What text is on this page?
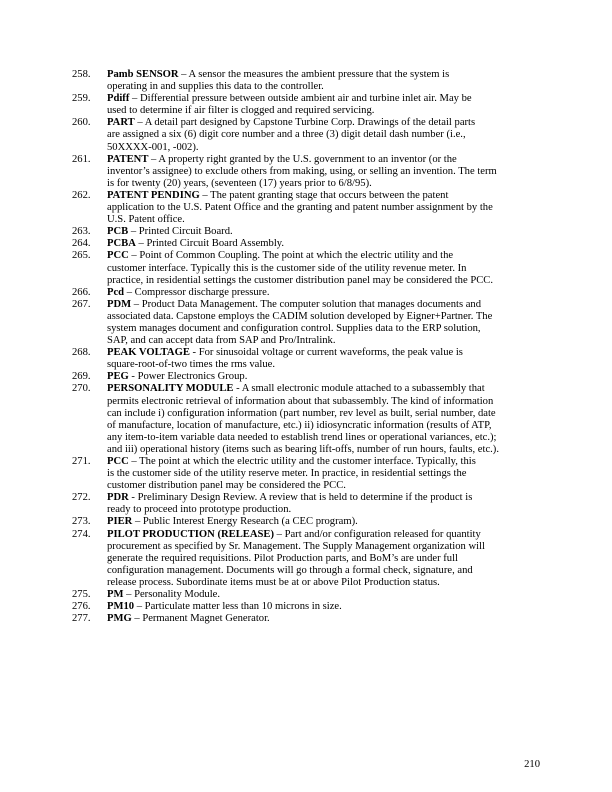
258. Pamb SENSOR – A sensor the measures the ambient pressure that the system is
operating in and supplies this data to the controller.
259. Pdiff – Differential pressure between outside ambient air and turbine inlet air. May be
used to determine if air filter is clogged and required servicing.
260. PART – A detail part designed by Capstone Turbine Corp. Drawings of the detail parts
are assigned a six (6) digit core number and a three (3) digit detail dash number (i.e.,
50XXXX-001, -002).
261. PATENT – A property right granted by the U.S. government to an inventor (or the
inventor’s assignee) to exclude others from making, using, or selling an invention. The term
is for twenty (20) years, (seventeen (17) years prior to 6/8/95).
262. PATENT PENDING – The patent granting stage that occurs between the patent
application to the U.S. Patent Office and the granting and patent number assignment by the
U.S. Patent office.
263. PCB – Printed Circuit Board.
264. PCBA – Printed Circuit Board Assembly.
265. PCC – Point of Common Coupling. The point at which the electric utility and the
customer interface. Typically this is the customer side of the utility revenue meter. In
practice, in residential settings the customer distribution panel may be considered the PCC.
266. Pcd – Compressor discharge pressure.
267. PDM – Product Data Management. The computer solution that manages documents and
associated data. Capstone employs the CADIM solution developed by Eigner+Partner. The
system manages document and configuration control. Supplies data to the ERP solution,
SAP, and can accept data from SAP and Pro/Intralink.
268. PEAK VOLTAGE - For sinusoidal voltage or current waveforms, the peak value is
square-root-of-two times the rms value.
269. PEG - Power Electronics Group.
270. PERSONALITY MODULE - A small electronic module attached to a subassembly that
permits electronic retrieval of information about that subassembly. The kind of information
can include i) configuration information (part number, rev level as built, serial number, date
of manufacture, location of manufacture, etc.) ii) idiosyncratic information (results of ATP,
any item-to-item variable data needed to establish trend lines or operational variances, etc.);
and iii) operational history (items such as bearing lift-offs, number of run hours, faults, etc.).
271. PCC – The point at which the electric utility and the customer interface. Typically, this
is the customer side of the utility reserve meter. In practice, in residential settings the
customer distribution panel may be considered the PCC.
272. PDR - Preliminary Design Review. A review that is held to determine if the product is
ready to proceed into prototype production.
273. PIER – Public Interest Energy Research (a CEC program).
274. PILOT PRODUCTION (RELEASE) – Part and/or configuration released for quantity
procurement as specified by Sr. Management. The Supply Management organization will
generate the required requisitions. Pilot Production parts, and BoM’s are under full
configuration management. Documents will go through a formal check, signature, and
release process. Subordinate items must be at or above Pilot Production status.
275. PM – Personality Module.
276. PM10 – Particulate matter less than 10 microns in size.
277. PMG – Permanent Magnet Generator.
210
